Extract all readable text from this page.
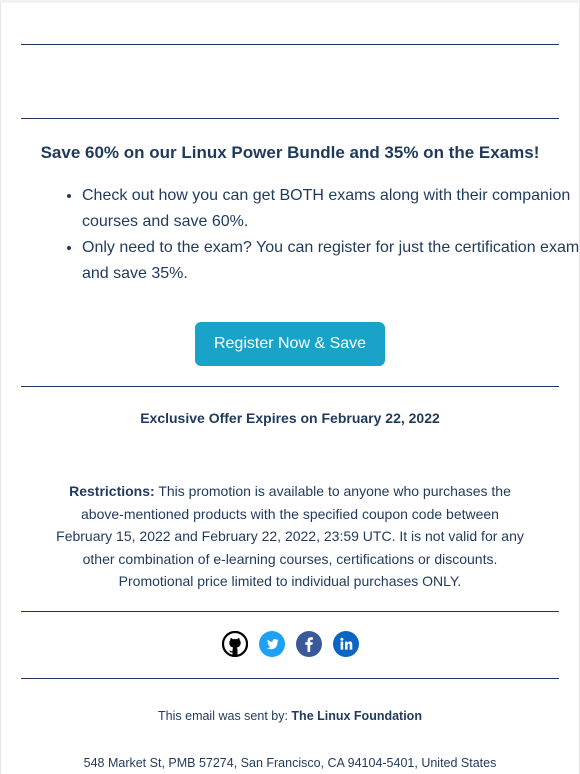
Save 60% on our Linux Power Bundle and 35% on the Exams!
• Check out how you can get BOTH exams along with their companion courses and save 60%.
• Only need to the exam? You can register for just the certification exam and save 35%.
Register Now & Save
Exclusive Offer Expires on February 22, 2022
Restrictions: This promotion is available to anyone who purchases the above-mentioned products with the specified coupon code between February 15, 2022 and February 22, 2022, 23:59 UTC. It is not valid for any other combination of e-learning courses, certifications or discounts. Promotional price limited to individual purchases ONLY.
This email was sent by: The Linux Foundation
548 Market St, PMB 57274, San Francisco, CA 94104-5401, United States
